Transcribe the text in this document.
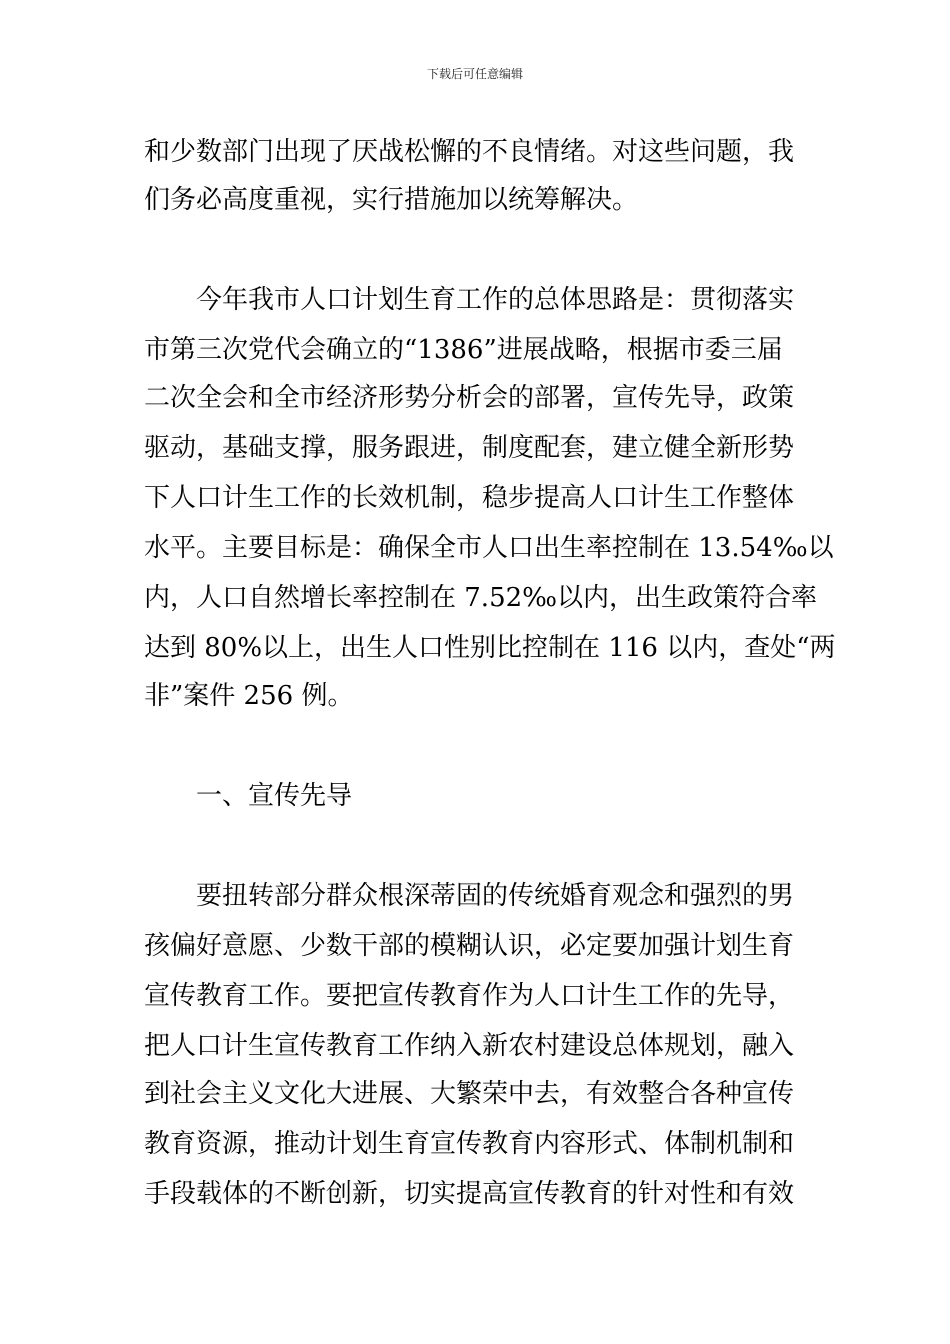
下载后可任意编辑
和少数部门出现了厌战松懈的不良情绪。对这些问题，我
们务必高度重视，实行措施加以统筹解决。
今年我市人口计划生育工作的总体思路是：贯彻落实
市第三次党代会确立的“1386”进展战略，根据市委三届
二次全会和全市经济形势分析会的部署，宣传先导，政策
驱动，基础支撑，服务跟进，制度配套，建立健全新形势
下人口计生工作的长效机制，稳步提高人口计生工作整体
水平。主要目标是：确保全市人口出生率控制在 13.54‰以
内，人口自然增长率控制在 7.52‰以内，出生政策符合率
达到 80%以上，出生人口性别比控制在 116 以内，查处“两
非”案件 256 例。
一、宣传先导
要扭转部分群众根深蒂固的传统婚育观念和强烈的男
孩偏好意愿、少数干部的模糊认识，必定要加强计划生育
宣传教育工作。要把宣传教育作为人口计生工作的先导，
把人口计生宣传教育工作纳入新农村建设总体规划，融入
到社会主义文化大进展、大繁荣中去，有效整合各种宣传
教育资源，推动计划生育宣传教育内容形式、体制机制和
手段载体的不断创新，切实提高宣传教育的针对性和有效
